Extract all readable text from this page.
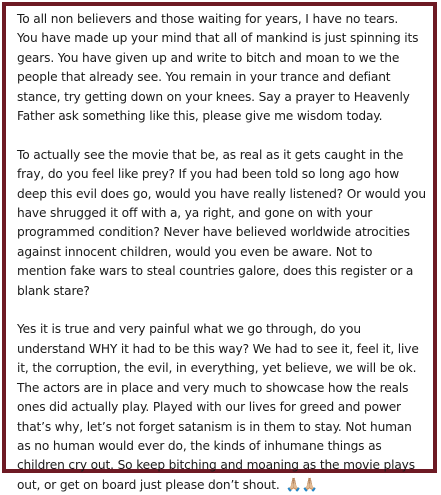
To all non believers and those waiting for years, I have no tears.
You have made up your mind that all of mankind is just spinning its
gears. You have given up and write to bitch and moan to we the
people that already see. You remain in your trance and defiant
stance, try getting down on your knees. Say a prayer to Heavenly
Father ask something like this, please give me wisdom today.

To actually see the movie that be, as real as it gets caught in the
fray, do you feel like prey? If you had been told so long ago how
deep this evil does go, would you have really listened? Or would you
have shrugged it off with a, ya right, and gone on with your
programmed condition? Never have believed worldwide atrocities
against innocent children, would you even be aware. Not to
mention fake wars to steal countries galore, does this register or a
blank stare?

Yes it is true and very painful what we go through, do you
understand WHY it had to be this way? We had to see it, feel it, live
it, the corruption, the evil, in everything, yet believe, we will be ok.
The actors are in place and very much to showcase how the reals
ones did actually play. Played with our lives for greed and power
that’s why, let’s not forget satanism is in them to stay. Not human
as no human would ever do, the kinds of inhumane things as
children cry out. So keep bitching and moaning as the movie plays
out, or get on board just please don’t shout. 🙏🏼🙏🏼
